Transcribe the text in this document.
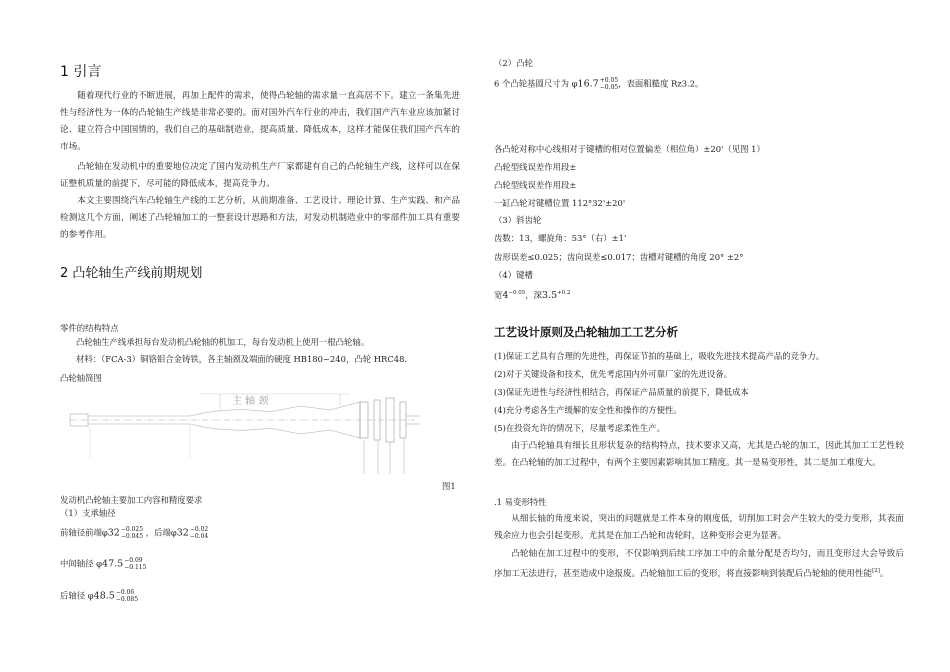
1 引言
随着现代行业的不断进展，再加上配件的需求，使得凸轮轴的需求量一直高居不下。建立一条集先进性与经济性为一体的凸轮轴生产线是非常必要的。面对国外汽车行业的冲击，我们国产汽车业应该加紧讨论、建立符合中国国情的，我们自己的基础制造业，提高质量、降低成本，这样才能保住我们国产汽车的市场。
凸轮轴在发动机中的重要地位决定了国内发动机生产厂家都建有自己的凸轮轴生产线，这样可以在保证整机质量的前提下，尽可能的降低成本，提高竞争力。
本文主要围绕汽车凸轮轴生产线的工艺分析，从前期准备、工艺设计、理论计算、生产实践、和产品检测这几个方面，阐述了凸轮轴加工的一整套设计思路和方法，对发动机制造业中的零部件加工具有重要的参考作用。
2 凸轮轴生产线前期规划
零件的结构特点
凸轮轴生产线承担每台发动机凸轮轴的机加工，每台发动机上使用一根凸轮轴。
材料：（FCA-3）铜铬钼合金铸铁，各主轴颈及端面的硬度 HB180~240，凸轮 HRC48.
凸轮轴简图
主 轴 颈
图1
发动机凸轮轴主要加工内容和精度要求
（1）支承轴径
前轴径前端φ32−0.025
−0.045 ，后端φ32−0.02
−0.04
中间轴径 φ47.5−0.09
−0.115
后轴径 φ48.5−0.06
−0.085
（2）凸轮
6 个凸轮基圆尺寸为 φ16.7+0.05
−0.05，表面粗糙度 Rz3.2。
各凸轮对称中心线相对于键槽的相对位置偏差（相位角）±20'（见图 1）
凸轮型线误差作用段±
凸轮型线误差作用段±
一缸凸轮对键槽位置 112°32'±20'
（3）斜齿轮
齿数：13，螺旋角：53°（右）±1'
齿形误差≤0.025；齿向误差≤0.017；齿槽对键槽的角度 20° ±2°
（4）键槽
宽$4^{-0.05}$，深$3.5^{+0.2}$
工艺设计原则及凸轮轴加工工艺分析
(1)保证工艺具有合理的先进性，再保证节拍的基础上，吸收先进技术提高产品的竞争力。
(2)对于关键设备和技术，优先考虑国内外可靠厂家的先进设备。
(3)保证先进性与经济性相结合，再保证产品质量的前提下，降低成本
(4)充分考虑各生产缓解的安全性和操作的方便性。
(5)在投资允许的情况下，尽量考虑柔性生产。
由于凸轮轴具有细长且形状复杂的结构特点，技术要求又高，尤其是凸轮的加工，因此其加工工艺性较差。在凸轮轴的加工过程中，有两个主要因素影响其加工精度。其一是易变形性，其二是加工难度大。
.1 易变形特性
从细长轴的角度来说，突出的问题就是工件本身的刚度低，切削加工时会产生较大的受力变形，其表面残余应力也会引起变形。尤其是在加工凸轮和齿轮时，这种变形会更为显著。
凸轮轴在加工过程中的变形，不仅影响到后续工序加工中的余量分配是否均匀，而且变形过大会导致后序加工无法进行，甚至造成中途报废。凸轮轴加工后的变形，将直接影响到装配后凸轮轴的使用性能[2]。
